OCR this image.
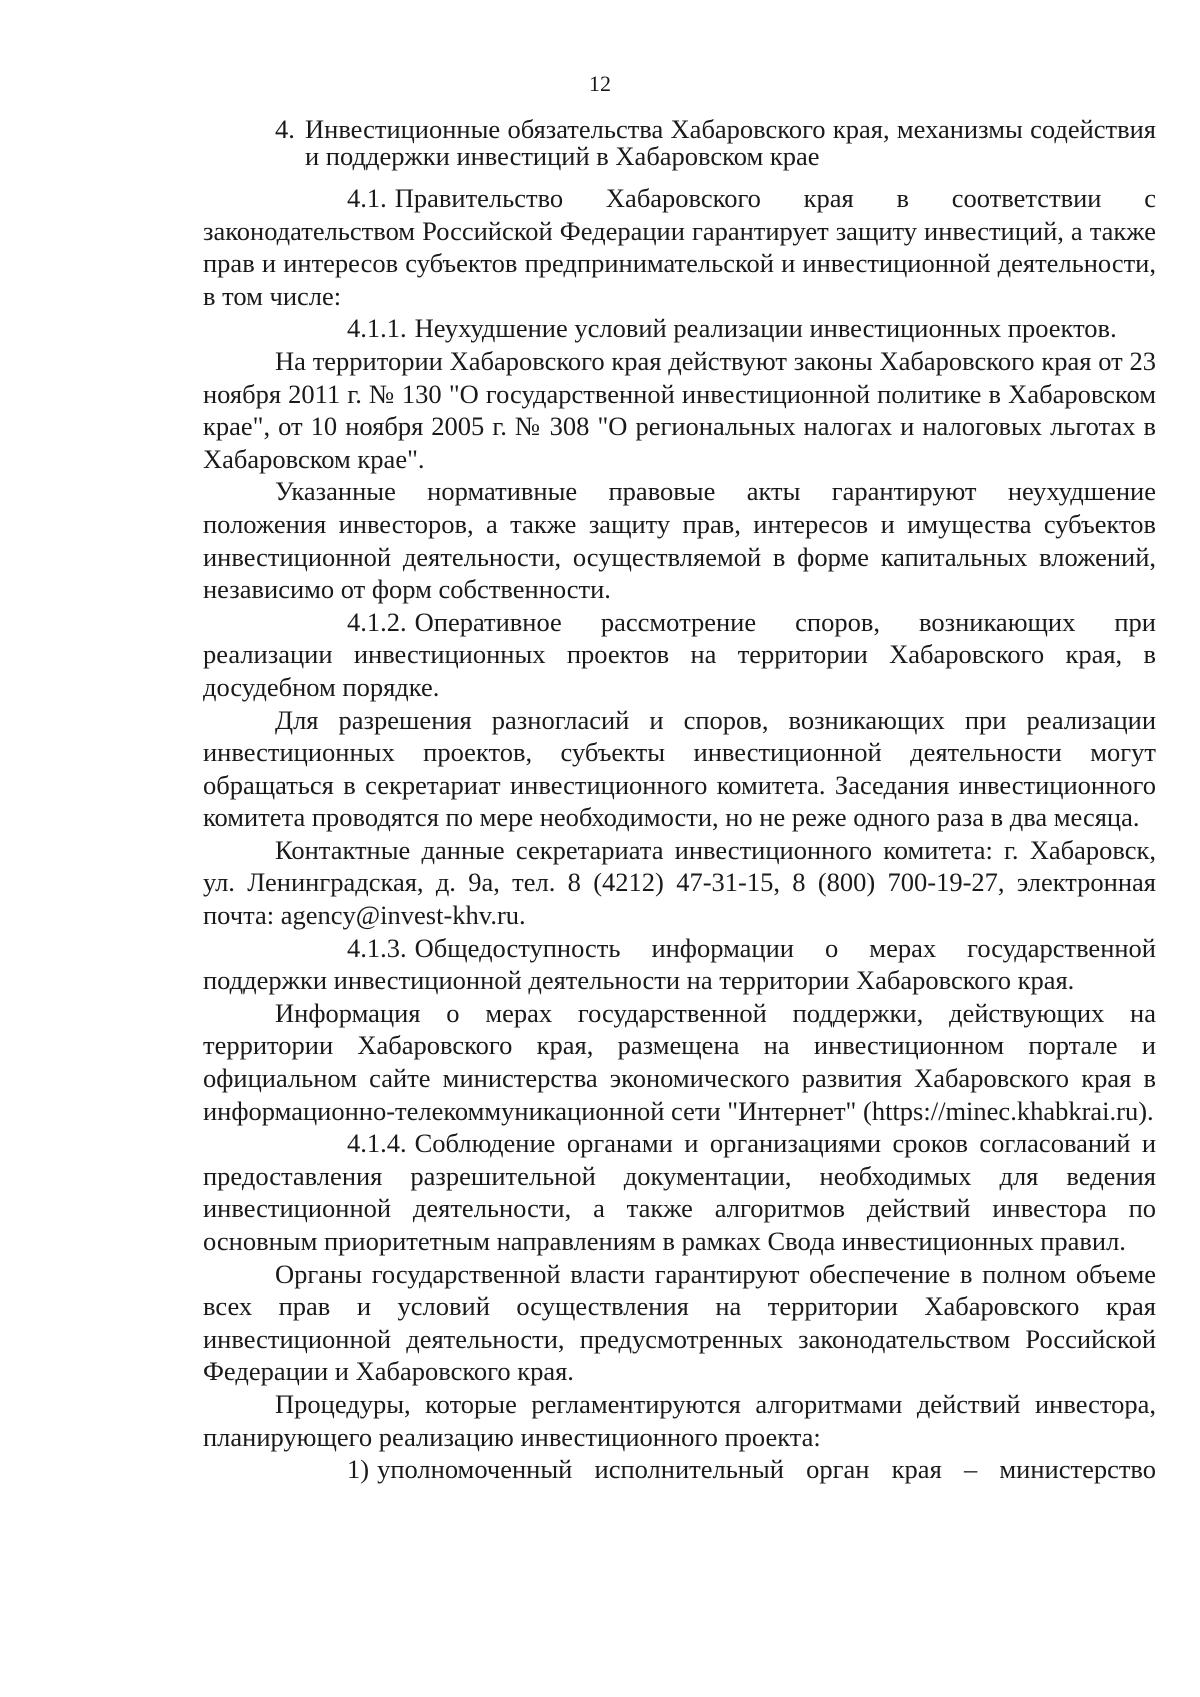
12
4. Инвестиционные обязательства Хабаровского края, механизмы содействия и поддержки инвестиций в Хабаровском крае

4.1. Правительство Хабаровского края в соответствии с законодательством Российской Федерации гарантирует защиту инвестиций, а также прав и интересов субъектов предпринимательской и инвестиционной деятельности, в том числе:

4.1.1. Неухудшение условий реализации инвестиционных проектов.

На территории Хабаровского края действуют законы Хабаровского края от 23 ноября 2011 г. № 130 "О государственной инвестиционной политике в Хабаровском крае", от 10 ноября 2005 г. № 308 "О региональных налогах и налоговых льготах в Хабаровском крае".

Указанные нормативные правовые акты гарантируют неухудшение положения инвесторов, а также защиту прав, интересов и имущества субъектов инвестиционной деятельности, осуществляемой в форме капитальных вложений, независимо от форм собственности.

4.1.2. Оперативное рассмотрение споров, возникающих при реализации инвестиционных проектов на территории Хабаровского края, в досудебном порядке.

Для разрешения разногласий и споров, возникающих при реализации инвестиционных проектов, субъекты инвестиционной деятельности могут обращаться в секретариат инвестиционного комитета. Заседания инвестиционного комитета проводятся по мере необходимости, но не реже одного раза в два месяца.

Контактные данные секретариата инвестиционного комитета: г. Хабаровск, ул. Ленинградская, д. 9а, тел. 8 (4212) 47-31-15, 8 (800) 700-19-27, электронная почта: agency@invest-khv.ru.

4.1.3. Общедоступность информации о мерах государственной поддержки инвестиционной деятельности на территории Хабаровского края.

Информация о мерах государственной поддержки, действующих на территории Хабаровского края, размещена на инвестиционном портале и официальном сайте министерства экономического развития Хабаровского края в информационно-телекоммуникационной сети "Интернет" (https://minec.khabkrai.ru).

4.1.4. Соблюдение органами и организациями сроков согласований и предоставления разрешительной документации, необходимых для ведения инвестиционной деятельности, а также алгоритмов действий инвестора по основным приоритетным направлениям в рамках Свода инвестиционных правил.

Органы государственной власти гарантируют обеспечение в полном объеме всех прав и условий осуществления на территории Хабаровского края инвестиционной деятельности, предусмотренных законодательством Российской Федерации и Хабаровского края.

Процедуры, которые регламентируются алгоритмами действий инвестора, планирующего реализацию инвестиционного проекта:

1) уполномоченный исполнительный орган края – министерство
